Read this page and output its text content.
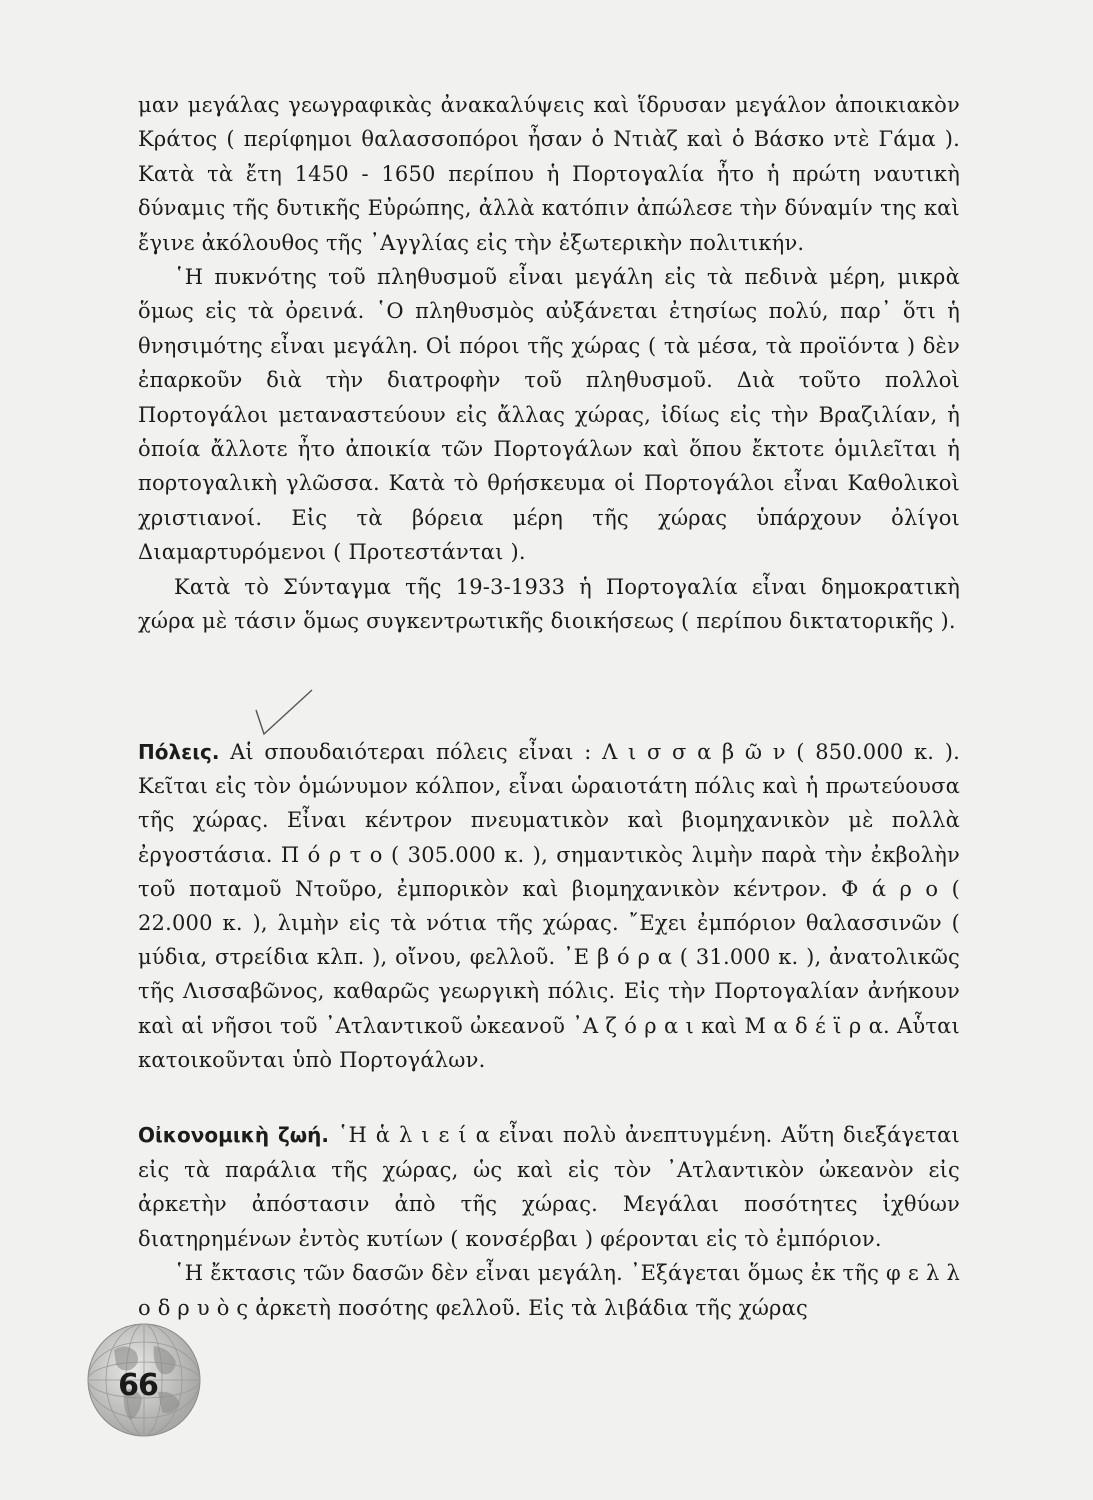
μαν μεγάλας γεωγραφικὰς ἀνακαλύψεις καὶ ἵδρυσαν μεγάλον ἀποικιακὸν Κράτος ( περίφημοι θαλασσοπόροι ἦσαν ὁ Ντιὰζ καὶ ὁ Βάσκο ντὲ Γάμα ). Κατὰ τὰ ἔτη 1450 - 1650 περίπου ἡ Πορτογαλία ἦτο ἡ πρώτη ναυτικὴ δύναμις τῆς δυτικῆς Εὐρώπης, ἀλλὰ κατόπιν ἀπώλεσε τὴν δύναμίν της καὶ ἔγινε ἀκόλουθος τῆς ᾿Αγγλίας εἰς τὴν ἐξωτερικὴν πολιτικήν.

῾Η πυκνότης τοῦ πληθυσμοῦ εἶναι μεγάλη εἰς τὰ πεδινὰ μέρη, μικρὰ ὅμως εἰς τὰ ὀρεινά. ῾Ο πληθυσμὸς αὐξάνεται ἐτησίως πολύ, παρ᾽ ὅτι ἡ θνησιμότης εἶναι μεγάλη. Οἱ πόροι τῆς χώρας ( τὰ μέσα, τὰ προϊόντα ) δὲν ἐπαρκοῦν διὰ τὴν διατροφὴν τοῦ πληθυσμοῦ. Διὰ τοῦτο πολλοὶ Πορτογάλοι μεταναστεύουν εἰς ἄλλας χώρας, ἰδίως εἰς τὴν Βραζιλίαν, ἡ ὁποία ἄλλοτε ἦτο ἀποικία τῶν Πορτογάλων καὶ ὅπου ἔκτοτε ὁμιλεῖται ἡ πορτογαλικὴ γλῶσσα. Κατὰ τὸ θρήσκευμα οἱ Πορτογάλοι εἶναι Καθολικοὶ χριστιανοί. Εἰς τὰ βόρεια μέρη τῆς χώρας ὑπάρχουν ὀλίγοι Διαμαρτυρόμενοι ( Προτεστάνται ).

Κατὰ τὸ Σύνταγμα τῆς 19-3-1933 ἡ Πορτογαλία εἶναι δημοκρατικὴ χώρα μὲ τάσιν ὅμως συγκεντρωτικῆς διοικήσεως ( περίπου δικτατορικῆς ).

Πόλεις. Αἱ σπουδαιότεραι πόλεις εἶναι : Λ ι σ σ α β ῶ ν ( 850.000 κ. ). Κεῖται εἰς τὸν ὁμώνυμον κόλπον, εἶναι ὡραιοτάτη πόλις καὶ ἡ πρωτεύουσα τῆς χώρας. Εἶναι κέντρον πνευματικὸν καὶ βιομηχανικὸν μὲ πολλὰ ἐργοστάσια. Π ό ρ τ ο ( 305.000 κ. ), σημαντικὸς λιμὴν παρὰ τὴν ἐκβολὴν τοῦ ποταμοῦ Ντοῦρο, ἐμπορικὸν καὶ βιομηχανικὸν κέντρον. Φ ά ρ ο ( 22.000 κ. ), λιμὴν εἰς τὰ νότια τῆς χώρας. ῎Εχει ἐμπόριον θαλασσινῶν ( μύδια, στρείδια κλπ. ), οἴνου, φελλοῦ. ᾿Ε β ό ρ α ( 31.000 κ. ), ἀνατολικῶς τῆς Λισσαβῶνος, καθαρῶς γεωργικὴ πόλις. Εἰς τὴν Πορτογαλίαν ἀνήκουν καὶ αἱ νῆσοι τοῦ ᾿Ατλαντικοῦ ὠκεανοῦ ᾿Α ζ ό ρ α ι καὶ Μ α δ έ ϊ ρ α. Αὗται κατοικοῦνται ὑπὸ Πορτογάλων.

Οἰκονομικὴ ζωή. ῾Η ἁ λ ι ε ί α εἶναι πολὺ ἀνεπτυγμένη. Αὕτη διεξάγεται εἰς τὰ παράλια τῆς χώρας, ὡς καὶ εἰς τὸν ᾿Ατλαντικὸν ὠκεανὸν εἰς ἀρκετὴν ἀπόστασιν ἀπὸ τῆς χώρας. Μεγάλαι ποσότητες ἰχθύων διατηρημένων ἐντὸς κυτίων ( κονσέρβαι ) φέρονται εἰς τὸ ἐμπόριον.

῾Η ἔκτασις τῶν δασῶν δὲν εἶναι μεγάλη. ᾿Εξάγεται ὅμως ἐκ τῆς φ ε λ λ ο δ ρ υ ὸ ς ἀρκετὴ ποσότης φελλοῦ. Εἰς τὰ λιβάδια τῆς χώρας

66
